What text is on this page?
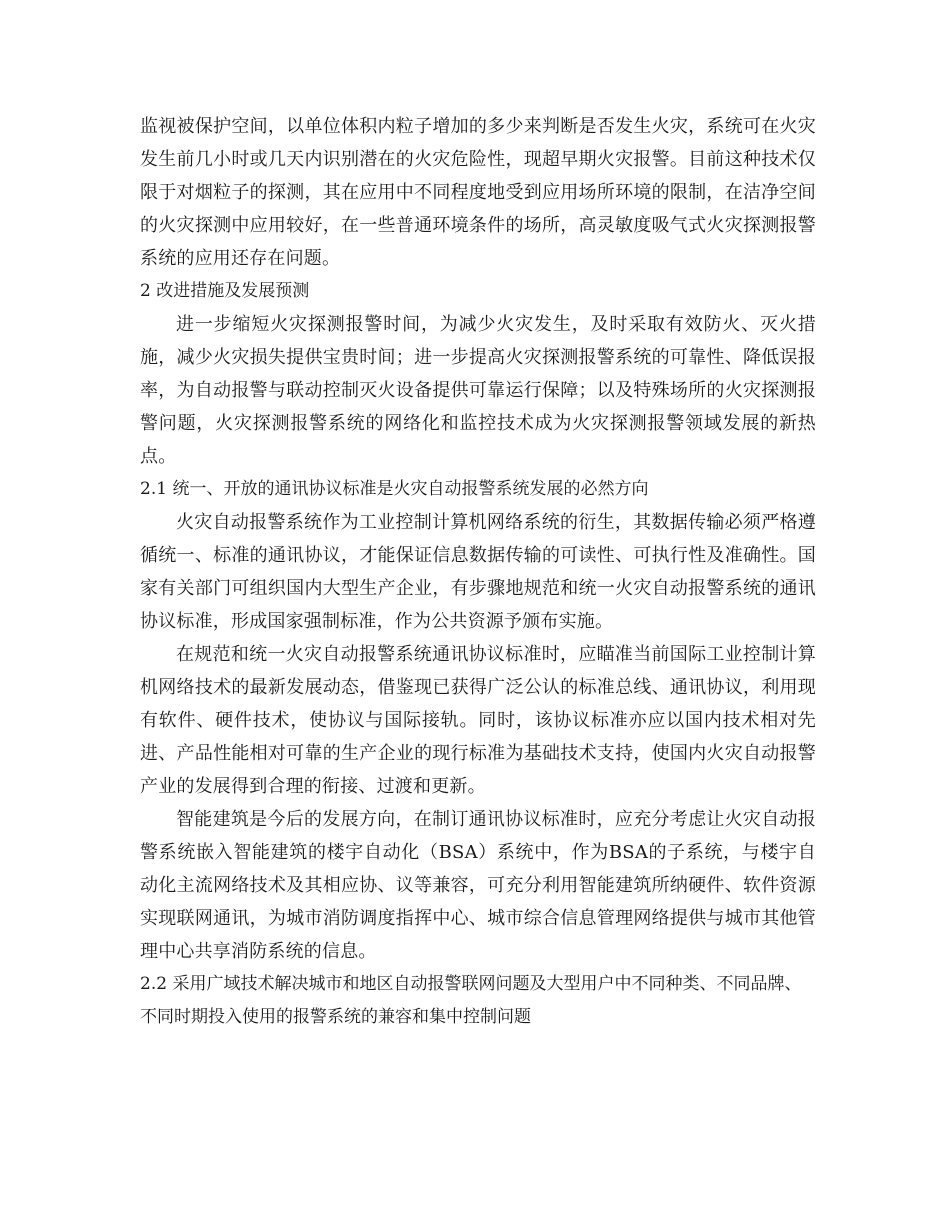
监视被保护空间，以单位体积内粒子增加的多少来判断是否发生火灾，系统可在火灾发生前几小时或几天内识别潜在的火灾危险性，现超早期火灾报警。目前这种技术仅限于对烟粒子的探测，其在应用中不同程度地受到应用场所环境的限制，在洁净空间的火灾探测中应用较好，在一些普通环境条件的场所，高灵敏度吸气式火灾探测报警系统的应用还存在问题。

2 改进措施及发展预测

进一步缩短火灾探测报警时间，为减少火灾发生，及时采取有效防火、灭火措施，减少火灾损失提供宝贵时间；进一步提高火灾探测报警系统的可靠性、降低误报率，为自动报警与联动控制灭火设备提供可靠运行保障；以及特殊场所的火灾探测报警问题，火灾探测报警系统的网络化和监控技术成为火灾探测报警领域发展的新热点。

2.1 统一、开放的通讯协议标准是火灾自动报警系统发展的必然方向

火灾自动报警系统作为工业控制计算机网络系统的衍生，其数据传输必须严格遵循统一、标准的通讯协议，才能保证信息数据传输的可读性、可执行性及准确性。国家有关部门可组织国内大型生产企业，有步骤地规范和统一火灾自动报警系统的通讯协议标准，形成国家强制标准，作为公共资源予颁布实施。

在规范和统一火灾自动报警系统通讯协议标准时，应瞄准当前国际工业控制计算机网络技术的最新发展动态，借鉴现已获得广泛公认的标准总线、通讯协议，利用现有软件、硬件技术，使协议与国际接轨。同时，该协议标准亦应以国内技术相对先进、产品性能相对可靠的生产企业的现行标准为基础技术支持，使国内火灾自动报警产业的发展得到合理的衔接、过渡和更新。

智能建筑是今后的发展方向，在制订通讯协议标准时，应充分考虑让火灾自动报警系统嵌入智能建筑的楼宇自动化（BSA）系统中，作为BSA的子系统，与楼宇自动化主流网络技术及其相应协、议等兼容，可充分利用智能建筑所纳硬件、软件资源实现联网通讯，为城市消防调度指挥中心、城市综合信息管理网络提供与城市其他管理中心共享消防系统的信息。

2.2 采用广域技术解决城市和地区自动报警联网问题及大型用户中不同种类、不同品牌、不同时期投入使用的报警系统的兼容和集中控制问题
